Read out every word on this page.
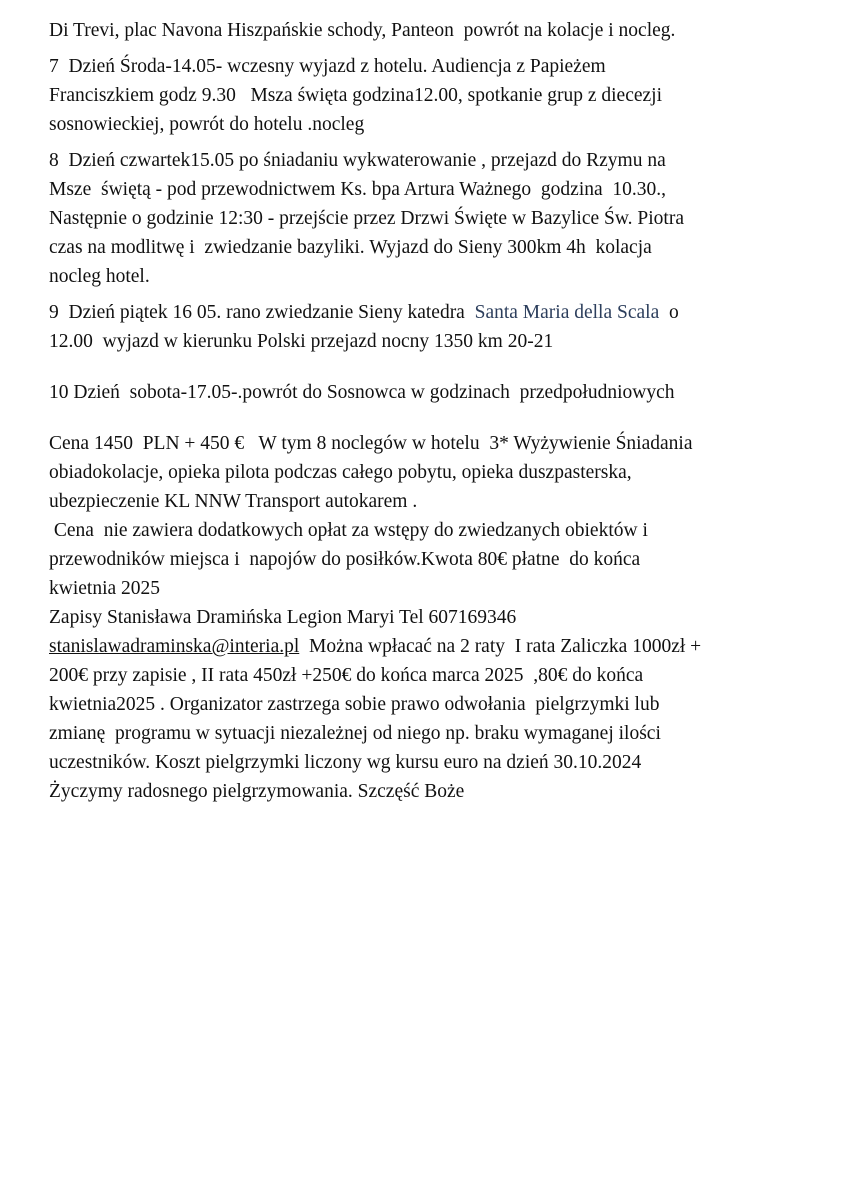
Di Trevi, plac Navona Hiszpańskie schody, Panteon  powrót na kolacje i nocleg.
7  Dzień Środa-14.05- wczesny wyjazd z hotelu. Audiencja z Papieżem
Franciszkiem godz 9.30   Msza święta godzina12.00, spotkanie grup z diecezji
sosnowieckiej, powrót do hotelu .nocleg
8  Dzień czwartek15.05 po śniadaniu wykwaterowanie , przejazd do Rzymu na
Msze  świętą - pod przewodnictwem Ks. bpa Artura Ważnego  godzina  10.30.,
Następnie o godzinie 12:30 - przejście przez Drzwi Święte w Bazylice Św. Piotra
czas na modlitwę i  zwiedzanie bazyliki. Wyjazd do Sieny 300km 4h  kolacja
nocleg hotel.
9  Dzień piątek 16 05. rano zwiedzanie Sieny katedra  Santa Maria della Scala  o
12.00  wyjazd w kierunku Polski przejazd nocny 1350 km 20-21
10 Dzień  sobota-17.05-.powrót do Sosnowca w godzinach  przedpołudniowych
Cena 1450  PLN + 450 €   W tym 8 noclegów w hotelu  3* Wyżywienie Śniadania
obiadokolacje, opieka pilota podczas całego pobytu, opieka duszpasterska,
ubezpieczenie KL NNW Transport autokarem .
Cena  nie zawiera dodatkowych opłat za wstępy do zwiedzanych obiektów i
przewodników miejsca i  napojów do posiłków.Kwota 80€ płatne  do końca
kwietnia 2025
Zapisy Stanisława Dramińska Legion Maryi Tel 607169346
stanislawadraminska@interia.pl  Można wpłacać na 2 raty  I rata Zaliczka 1000zł +
200€ przy zapisie , II rata 450zł +250€ do końca marca 2025  ,80€ do końca
kwietnia2025 . Organizator zastrzega sobie prawo odwołania  pielgrzymki lub
zmianę  programu w sytuacji niezależnej od niego np. braku wymaganej ilości
uczestników. Koszt pielgrzymki liczony wg kursu euro na dzień 30.10.2024
Życzymy radosnego pielgrzymowania. Szczęść Boże
